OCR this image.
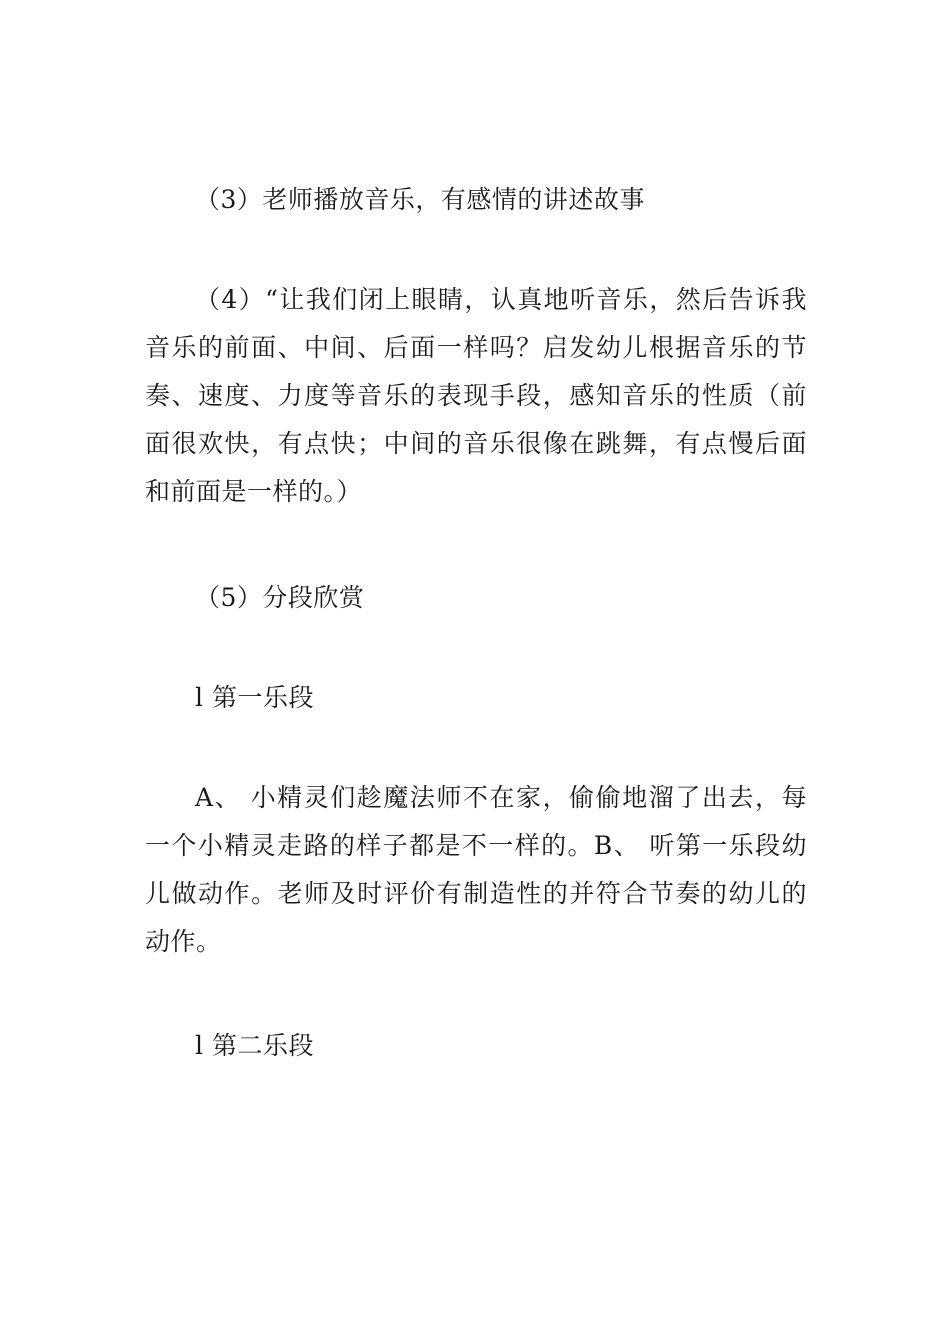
（3）老师播放音乐，有感情的讲述故事

（4）“让我们闭上眼睛，认真地听音乐，然后告诉我音乐的前面、中间、后面一样吗？启发幼儿根据音乐的节奏、速度、力度等音乐的表现手段，感知音乐的性质（前面很欢快，有点快；中间的音乐很像在跳舞，有点慢后面和前面是一样的。）

（5）分段欣赏

l 第一乐段

A、 小精灵们趁魔法师不在家，偷偷地溜了出去，每一个小精灵走路的样子都是不一样的。B、 听第一乐段幼儿做动作。老师及时评价有制造性的并符合节奏的幼儿的动作。

l 第二乐段
